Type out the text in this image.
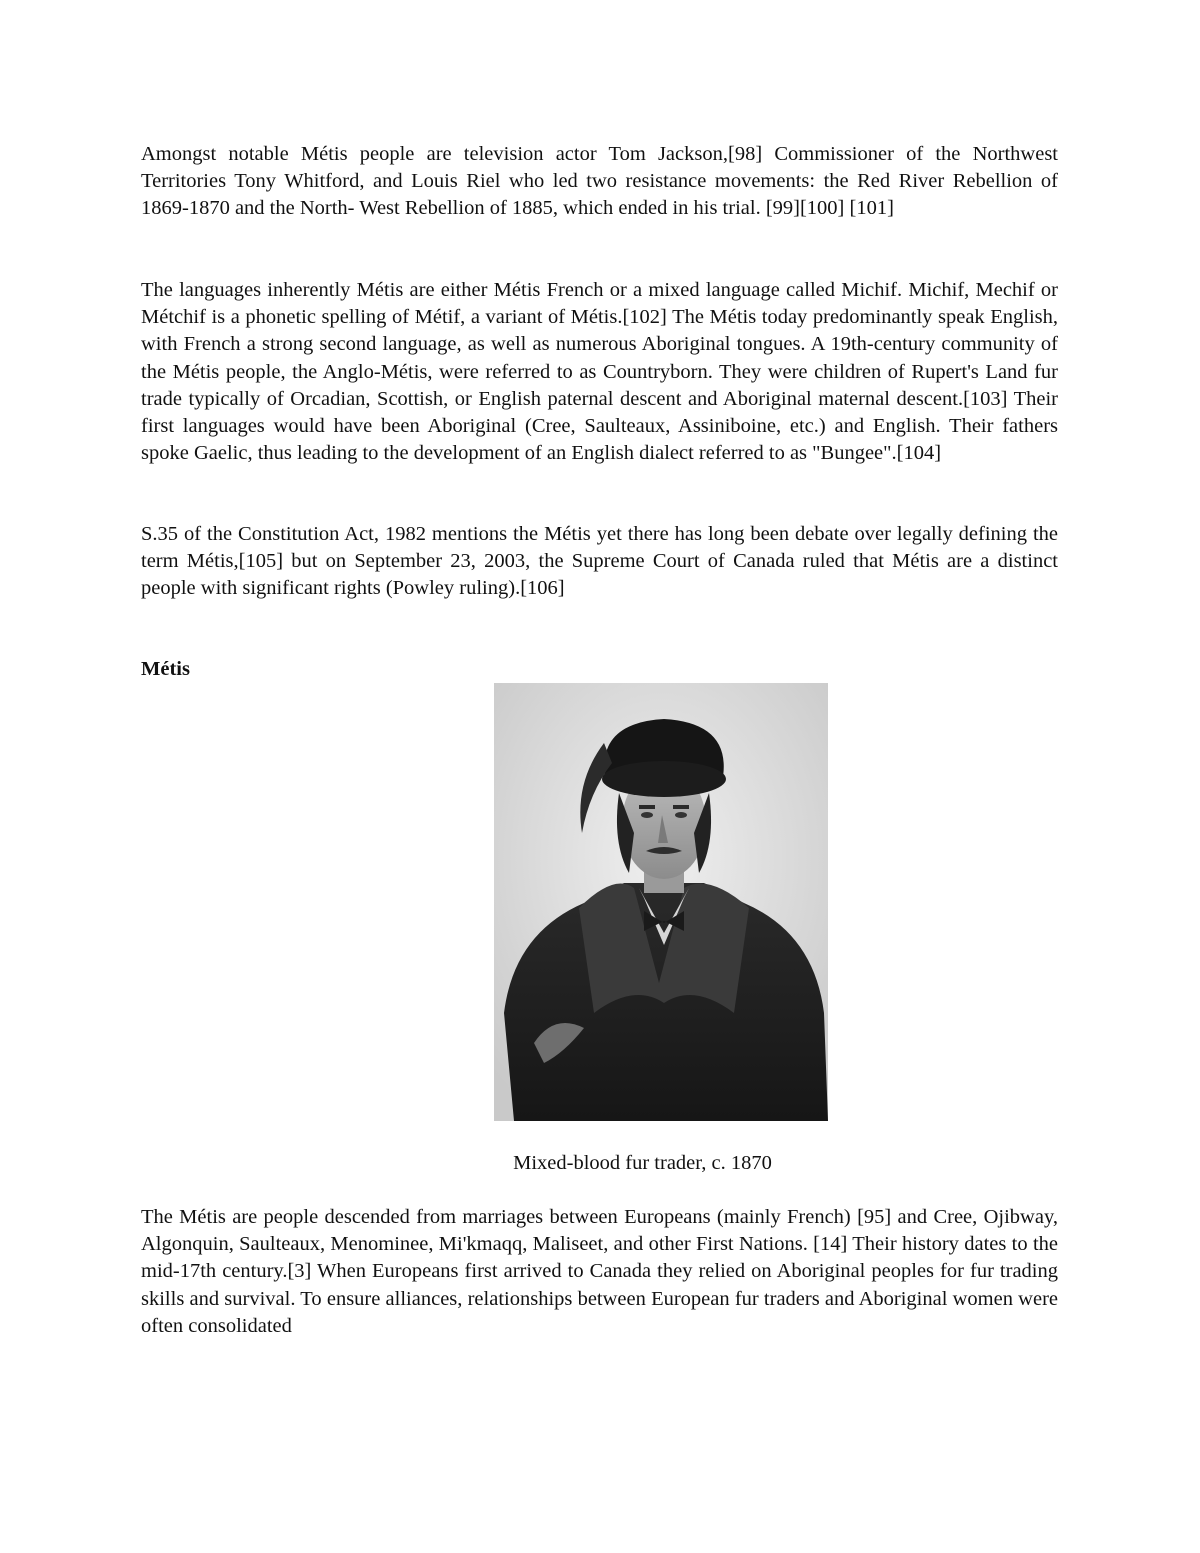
Amongst notable Métis people are television actor Tom Jackson,[98] Commissioner of the Northwest Territories Tony Whitford, and Louis Riel who led two resistance movements: the Red River Rebellion of 1869-1870 and the North- West Rebellion of 1885, which ended in his trial. [99][100] [101]

The languages inherently Métis are either Métis French or a mixed language called Michif. Michif, Mechif or Métchif is a phonetic spelling of Métif, a variant of Métis.[102] The Métis today predominantly speak English, with French a strong second language, as well as numerous Aboriginal tongues. A 19th-century community of the Métis people, the Anglo-Métis, were referred to as Countryborn. They were children of Rupert's Land fur trade typically of Orcadian, Scottish, or English paternal descent and Aboriginal maternal descent.[103] Their first languages would have been Aboriginal (Cree, Saulteaux, Assiniboine, etc.) and English. Their fathers spoke Gaelic, thus leading to the development of an English dialect referred to as "Bungee".[104]

S.35 of the Constitution Act, 1982 mentions the Métis yet there has long been debate over legally defining the term Métis,[105] but on September 23, 2003, the Supreme Court of Canada ruled that Métis are a distinct people with significant rights (Powley ruling).[106]

Métis

Mixed-blood fur trader, c. 1870

The Métis are people descended from marriages between Europeans (mainly French) [95] and Cree, Ojibway, Algonquin, Saulteaux, Menominee, Mi'kmaqq, Maliseet, and other First Nations. [14] Their history dates to the mid-17th century.[3] When Europeans first arrived to Canada they relied on Aboriginal peoples for fur trading skills and survival. To ensure alliances, relationships between European fur traders and Aboriginal women were often consolidated
